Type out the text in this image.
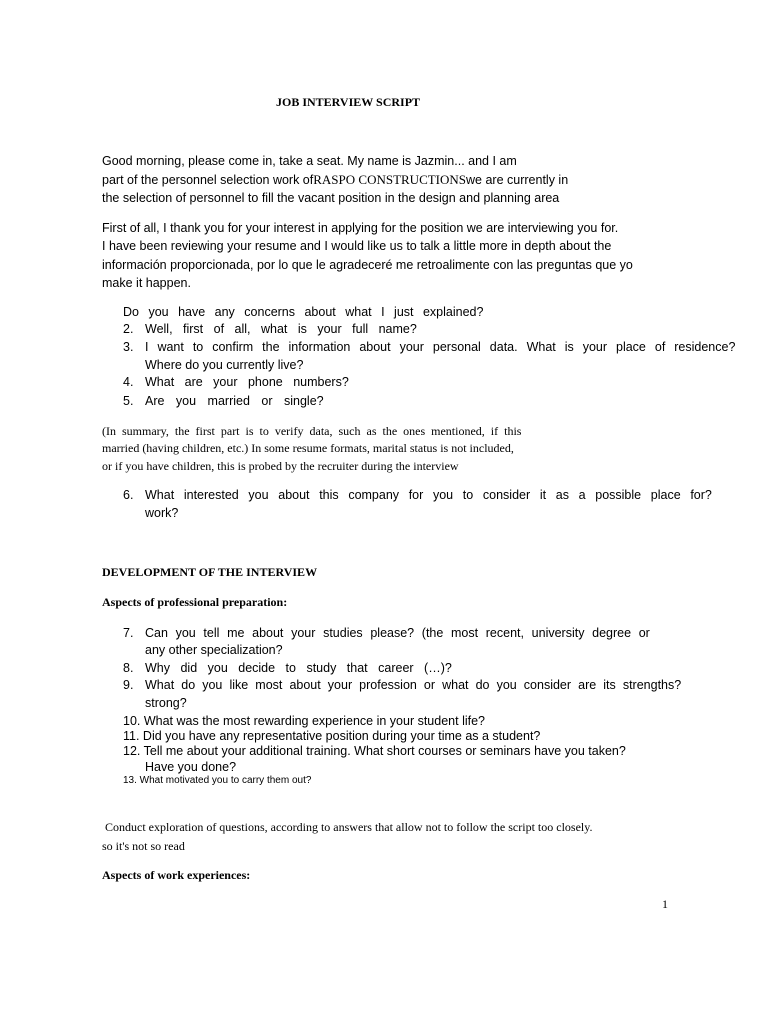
JOB INTERVIEW SCRIPT
Good morning, please come in, take a seat. My name is Jazmin... and I am
part of the personnel selection work ofRASPO CONSTRUCTIONSwe are currently in
the selection of personnel to fill the vacant position in the design and planning area
First of all, I thank you for your interest in applying for the position we are interviewing you for.
I have been reviewing your resume and I would like us to talk a little more in depth about the
información proporcionada, por lo que le agradeceré me retroalimente con las preguntas que yo
make it happen.
Do you have any concerns about what I just explained?
2. Well, first of all, what is your full name?
3. I want to confirm the information about your personal data. What is your place of residence?
Where do you currently live?
4. What are your phone numbers?
5. Are you married or single?
(In summary, the first part is to verify data, such as the ones mentioned, if this
married (having children, etc.) In some resume formats, marital status is not included,
or if you have children, this is probed by the recruiter during the interview
6. What interested you about this company for you to consider it as a possible place for?
work?
DEVELOPMENT OF THE INTERVIEW
Aspects of professional preparation:
7. Can you tell me about your studies please? (the most recent, university degree or
any other specialization?
8. Why did you decide to study that career (…)?
9. What do you like most about your profession or what do you consider are its strengths?
strong?
10. What was the most rewarding experience in your student life?
11. Did you have any representative position during your time as a student?
12. Tell me about your additional training. What short courses or seminars have you taken?
Have you done?
13. What motivated you to carry them out?
Conduct exploration of questions, according to answers that allow not to follow the script too closely.
so it's not so read
Aspects of work experiences:
1
